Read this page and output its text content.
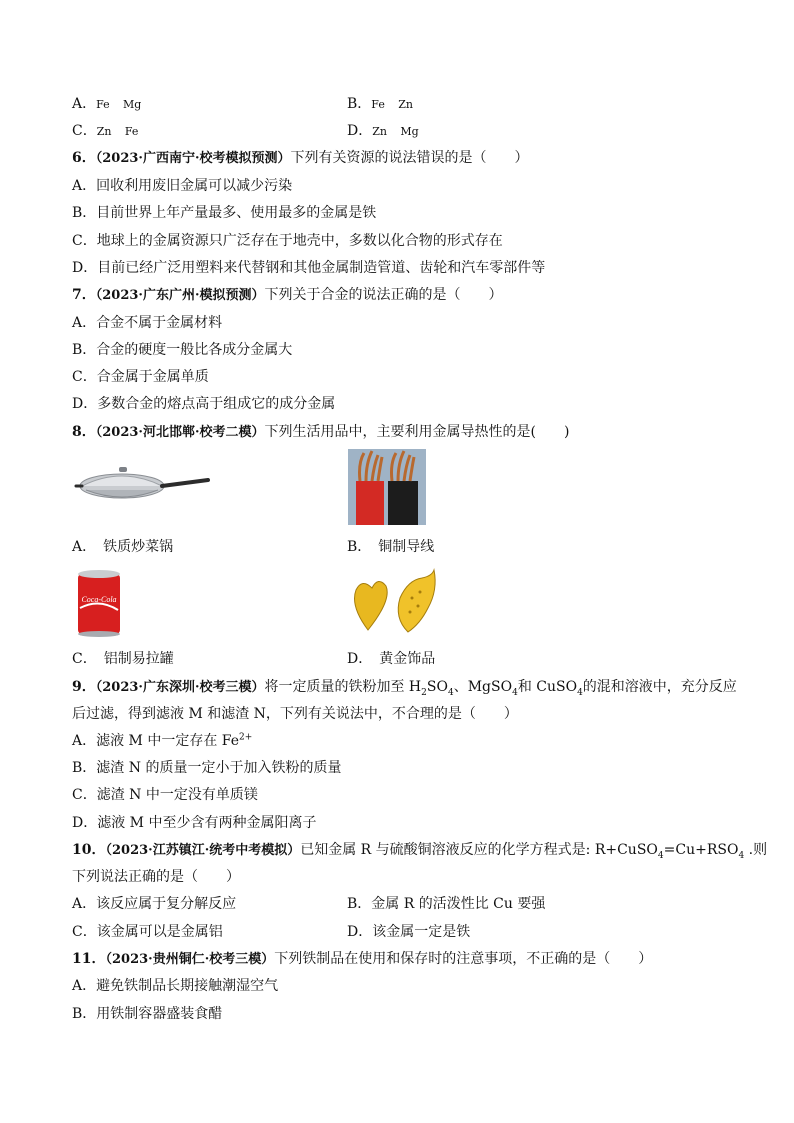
A．Fe Mg	B．Fe Zn
C．Zn Fe	D．Zn Mg
6．（2023·广西南宁·校考模拟预测）下列有关资源的说法错误的是（　　）
A．回收利用废旧金属可以减少污染
B．目前世界上年产量最多、使用最多的金属是铁
C．地球上的金属资源只广泛存在于地壳中，多数以化合物的形式存在
D．目前已经广泛用塑料来代替钢和其他金属制造管道、齿轮和汽车零部件等
7．（2023·广东广州·模拟预测）下列关于合金的说法正确的是（　　）
A．合金不属于金属材料
B．合金的硬度一般比各成分金属大
C．合金属于金属单质
D．多数合金的熔点高于组成它的成分金属
8．（2023·河北邯郸·校考二模）下列生活用品中，主要利用金属导热性的是(　　)
A．　铁质炒菜锅	B．　铜制导线
Coca-Cola
C．　铝制易拉罐	D．　黄金饰品
9．（2023·广东深圳·校考三模）将一定质量的铁粉加至 $H_2SO_4$、MgSO$_4$和 CuSO$_4$的混和溶液中，充分反应
后过滤，得到滤液 M 和滤渣 N，下列有关说法中，不合理的是（　　）
A．滤液 M 中一定存在 $Fe^{2+}$
B．滤渣 N 的质量一定小于加入铁粉的质量
C．滤渣 N 中一定没有单质镁
D．滤液 M 中至少含有两种金属阳离子
10．（2023·江苏镇江·统考中考模拟）已知金属 R 与硫酸铜溶液反应的化学方程式是: $R+CuSO_4=Cu+RSO_4$ .则
下列说法正确的是（　　）
A．该反应属于复分解反应	B．金属 R 的活泼性比 Cu 要强
C．该金属可以是金属铝	D．该金属一定是铁
11．（2023·贵州铜仁·校考三模）下列铁制品在使用和保存时的注意事项，不正确的是（　　）
A．避免铁制品长期接触潮湿空气
B．用铁制容器盛装食醋
